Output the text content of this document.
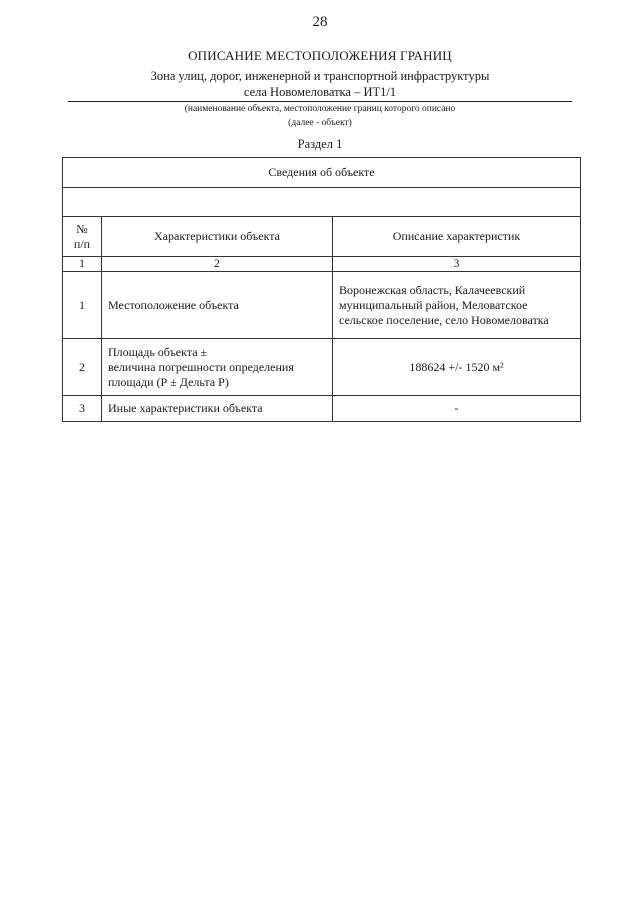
28
ОПИСАНИЕ МЕСТОПОЛОЖЕНИЯ ГРАНИЦ
Зона улиц, дорог, инженерной и транспортной инфраструктуры
села Новомеловатка – ИТ1/1
(наименование объекта, местоположение границ которого описано
(далее - объект)
Раздел 1
Сведения об объекте		

№
п/п	Характеристики объекта	Описание характеристик
1	2	3
1	Местоположение объекта	Воронежская область, Калачеевский
муниципальный район, Меловатское
сельское поселение, село Новомеловатка

2	Площадь объекта ±
величина погрешности определения
площади (Р ± Дельта Р)	188624 +/- 1520 м²

3	Иные характеристики объекта	-
